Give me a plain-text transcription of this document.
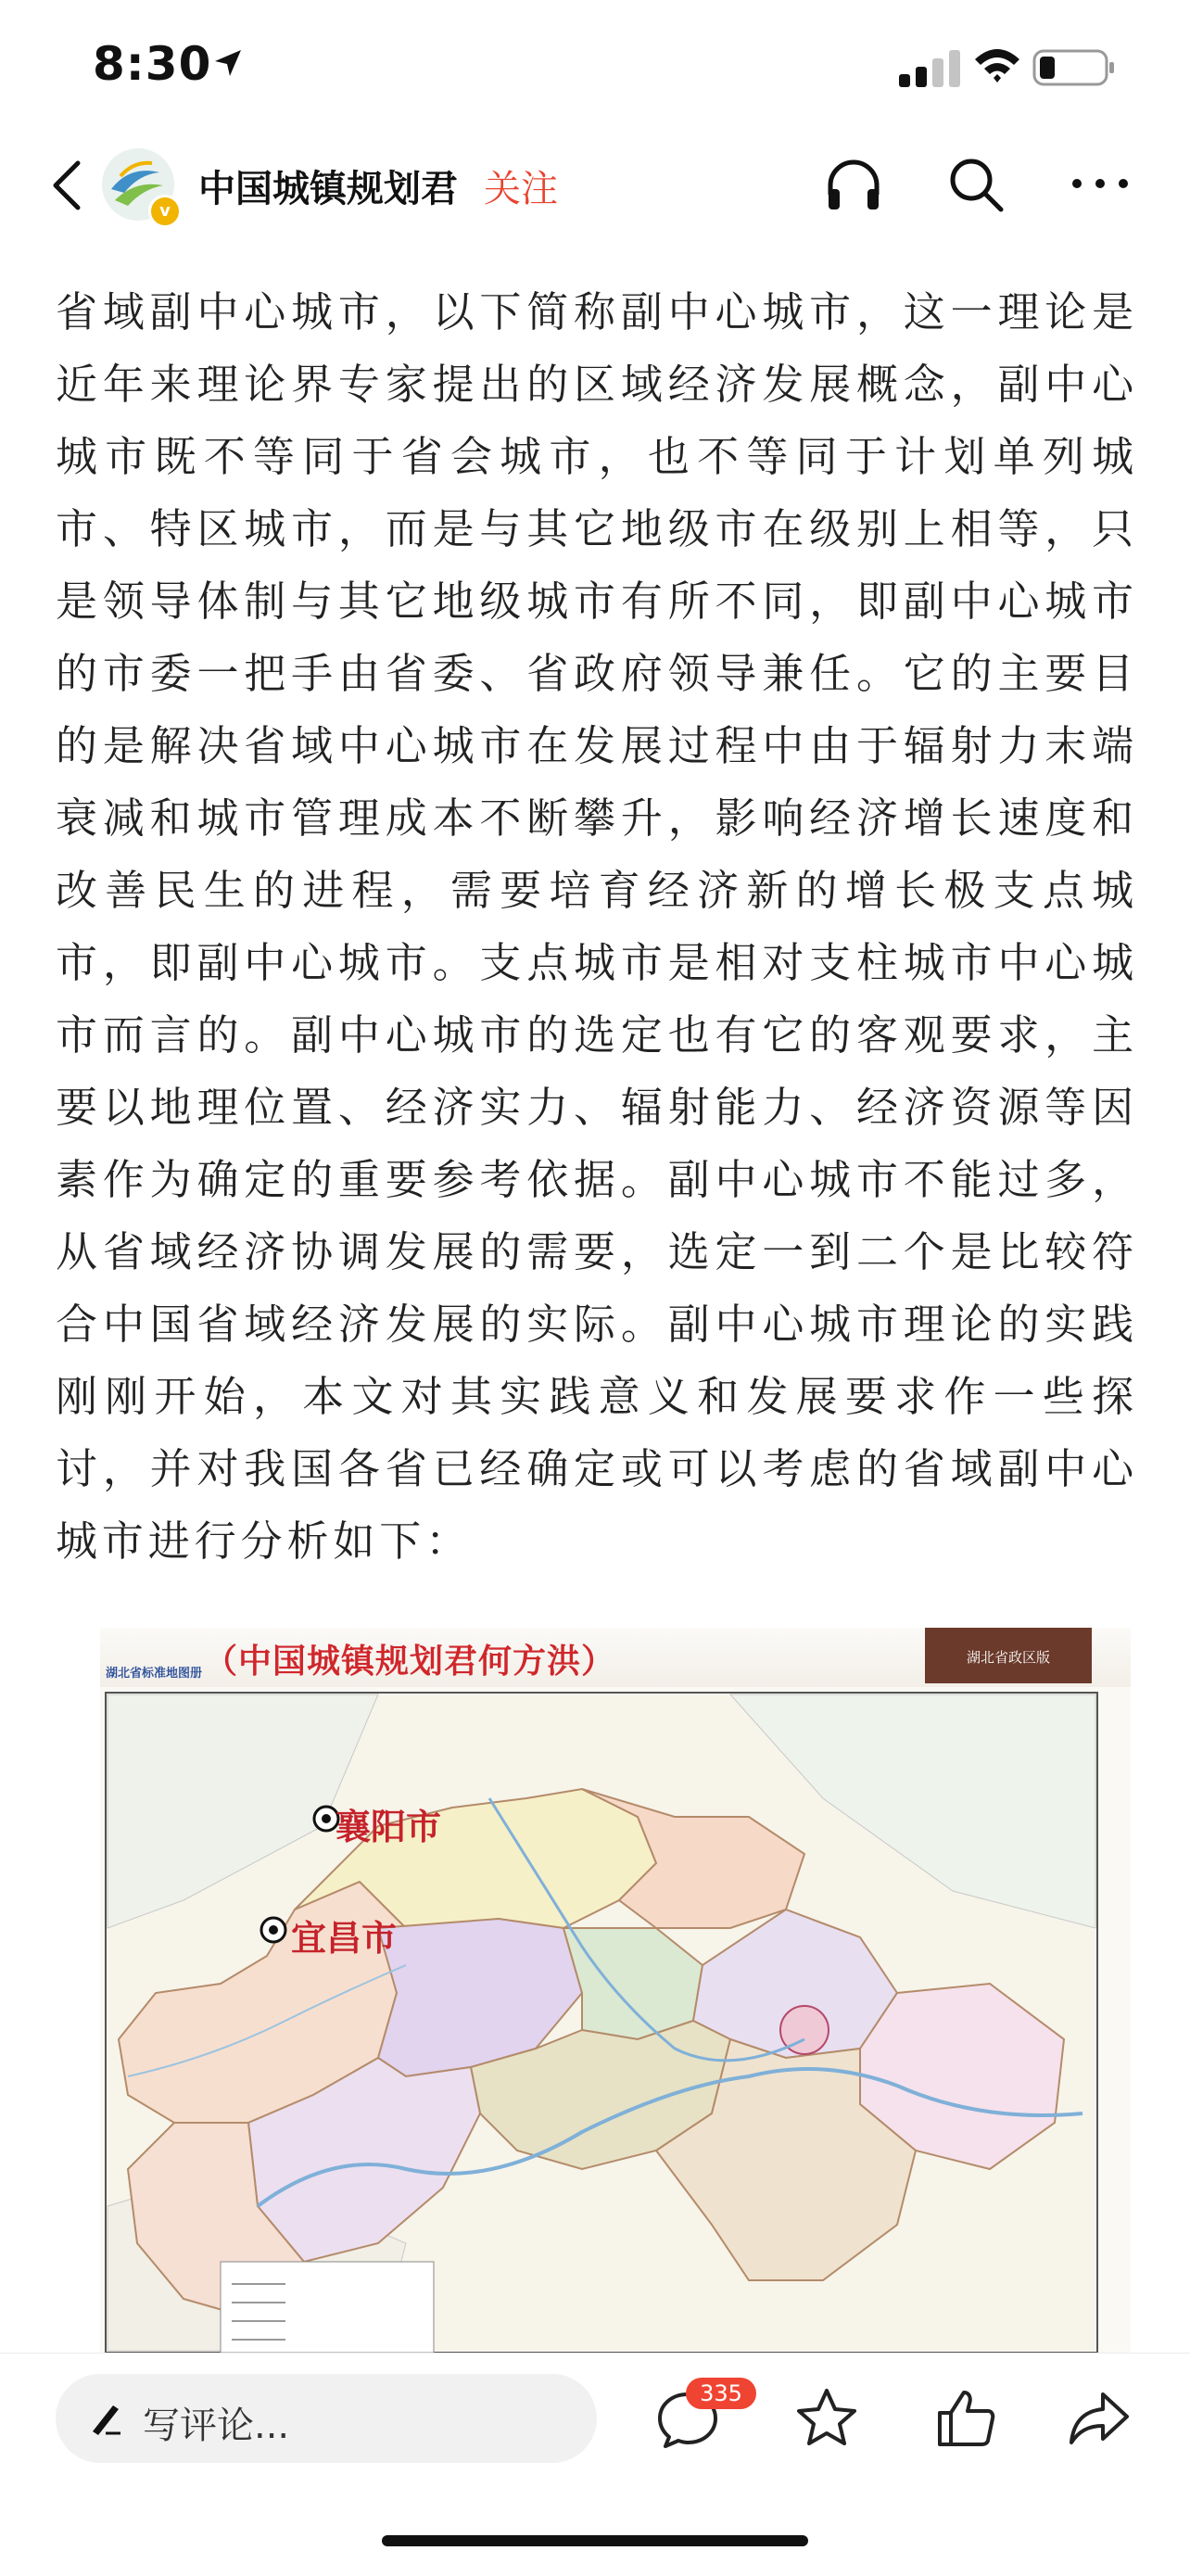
8:30
v
中国城镇规划君 关注

省域副中心城市，以下简称副中心城市，这一理论是近年来理论界专家提出的区域经济发展概念，副中心城市既不等同于省会城市，也不等同于计划单列城市、特区城市，而是与其它地级市在级别上相等，只是领导体制与其它地级城市有所不同，即副中心城市的市委一把手由省委、省政府领导兼任。它的主要目的是解决省域中心城市在发展过程中由于辐射力末端衰减和城市管理成本不断攀升，影响经济增长速度和改善民生的进程，需要培育经济新的增长极支点城市，即副中心城市。支点城市是相对支柱城市中心城市而言的。副中心城市的选定也有它的客观要求，主要以地理位置、经济实力、辐射能力、经济资源等因素作为确定的重要参考依据。副中心城市不能过多，从省域经济协调发展的需要，选定一到二个是比较符合中国省域经济发展的实际。副中心城市理论的实践刚刚开始，本文对其实践意义和发展要求作一些探讨，并对我国各省已经确定或可以考虑的省域副中心城市进行分析如下：

湖北省标准地图册 （中国城镇规划君何方洪）	湖北省政区版
襄阳市
宜昌市
写评论...
335
